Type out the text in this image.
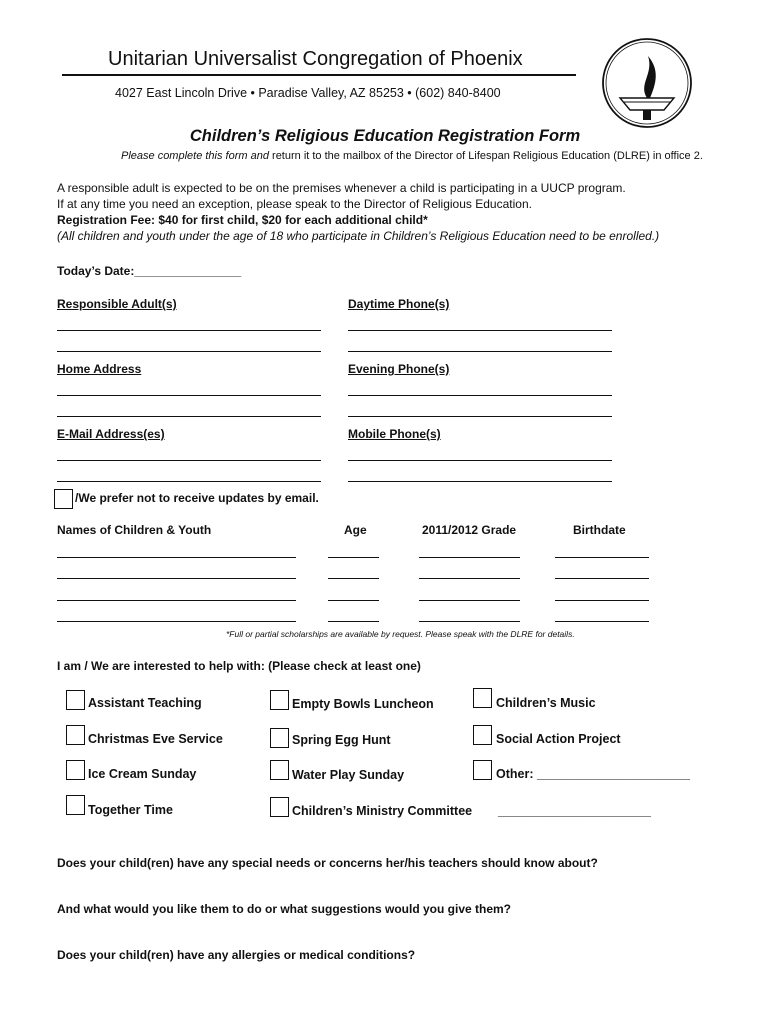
Unitarian Universalist Congregation of Phoenix
4027 East Lincoln Drive • Paradise Valley, AZ 85253 • (602) 840-8400
Children’s Religious Education Registration Form
Please complete this form and return it to the mailbox of the Director of Lifespan Religious Education (DLRE) in office 2.
A responsible adult is expected to be on the premises whenever a child is participating in a UUCP program.
If at any time you need an exception, please speak to the Director of Religious Education.
Registration Fee: $40 for first child, $20 for each additional child*
(All children and youth under the age of 18 who participate in Children’s Religious Education need to be enrolled.)
Today’s Date:________________
Responsible Adult(s)	Daytime Phone(s)
Home Address	Evening Phone(s)
E-Mail Address(es)	Mobile Phone(s)
/We prefer not to receive updates by email.
Names of Children & Youth	Age	2011/2012 Grade	Birthdate
*Full or partial scholarships are available by request. Please speak with the DLRE for details.
I am / We are interested to help with: (Please check at least one)
Assistant Teaching	Empty Bowls Luncheon	Children’s Music
Christmas Eve Service	Spring Egg Hunt	Social Action Project
Ice Cream Sunday	Water Play Sunday	Other: ______________________
Together Time	Children’s Ministry Committee ______________________
Does your child(ren) have any special needs or concerns her/his teachers should know about?
And what would you like them to do or what suggestions would you give them?
Does your child(ren) have any allergies or medical conditions?
